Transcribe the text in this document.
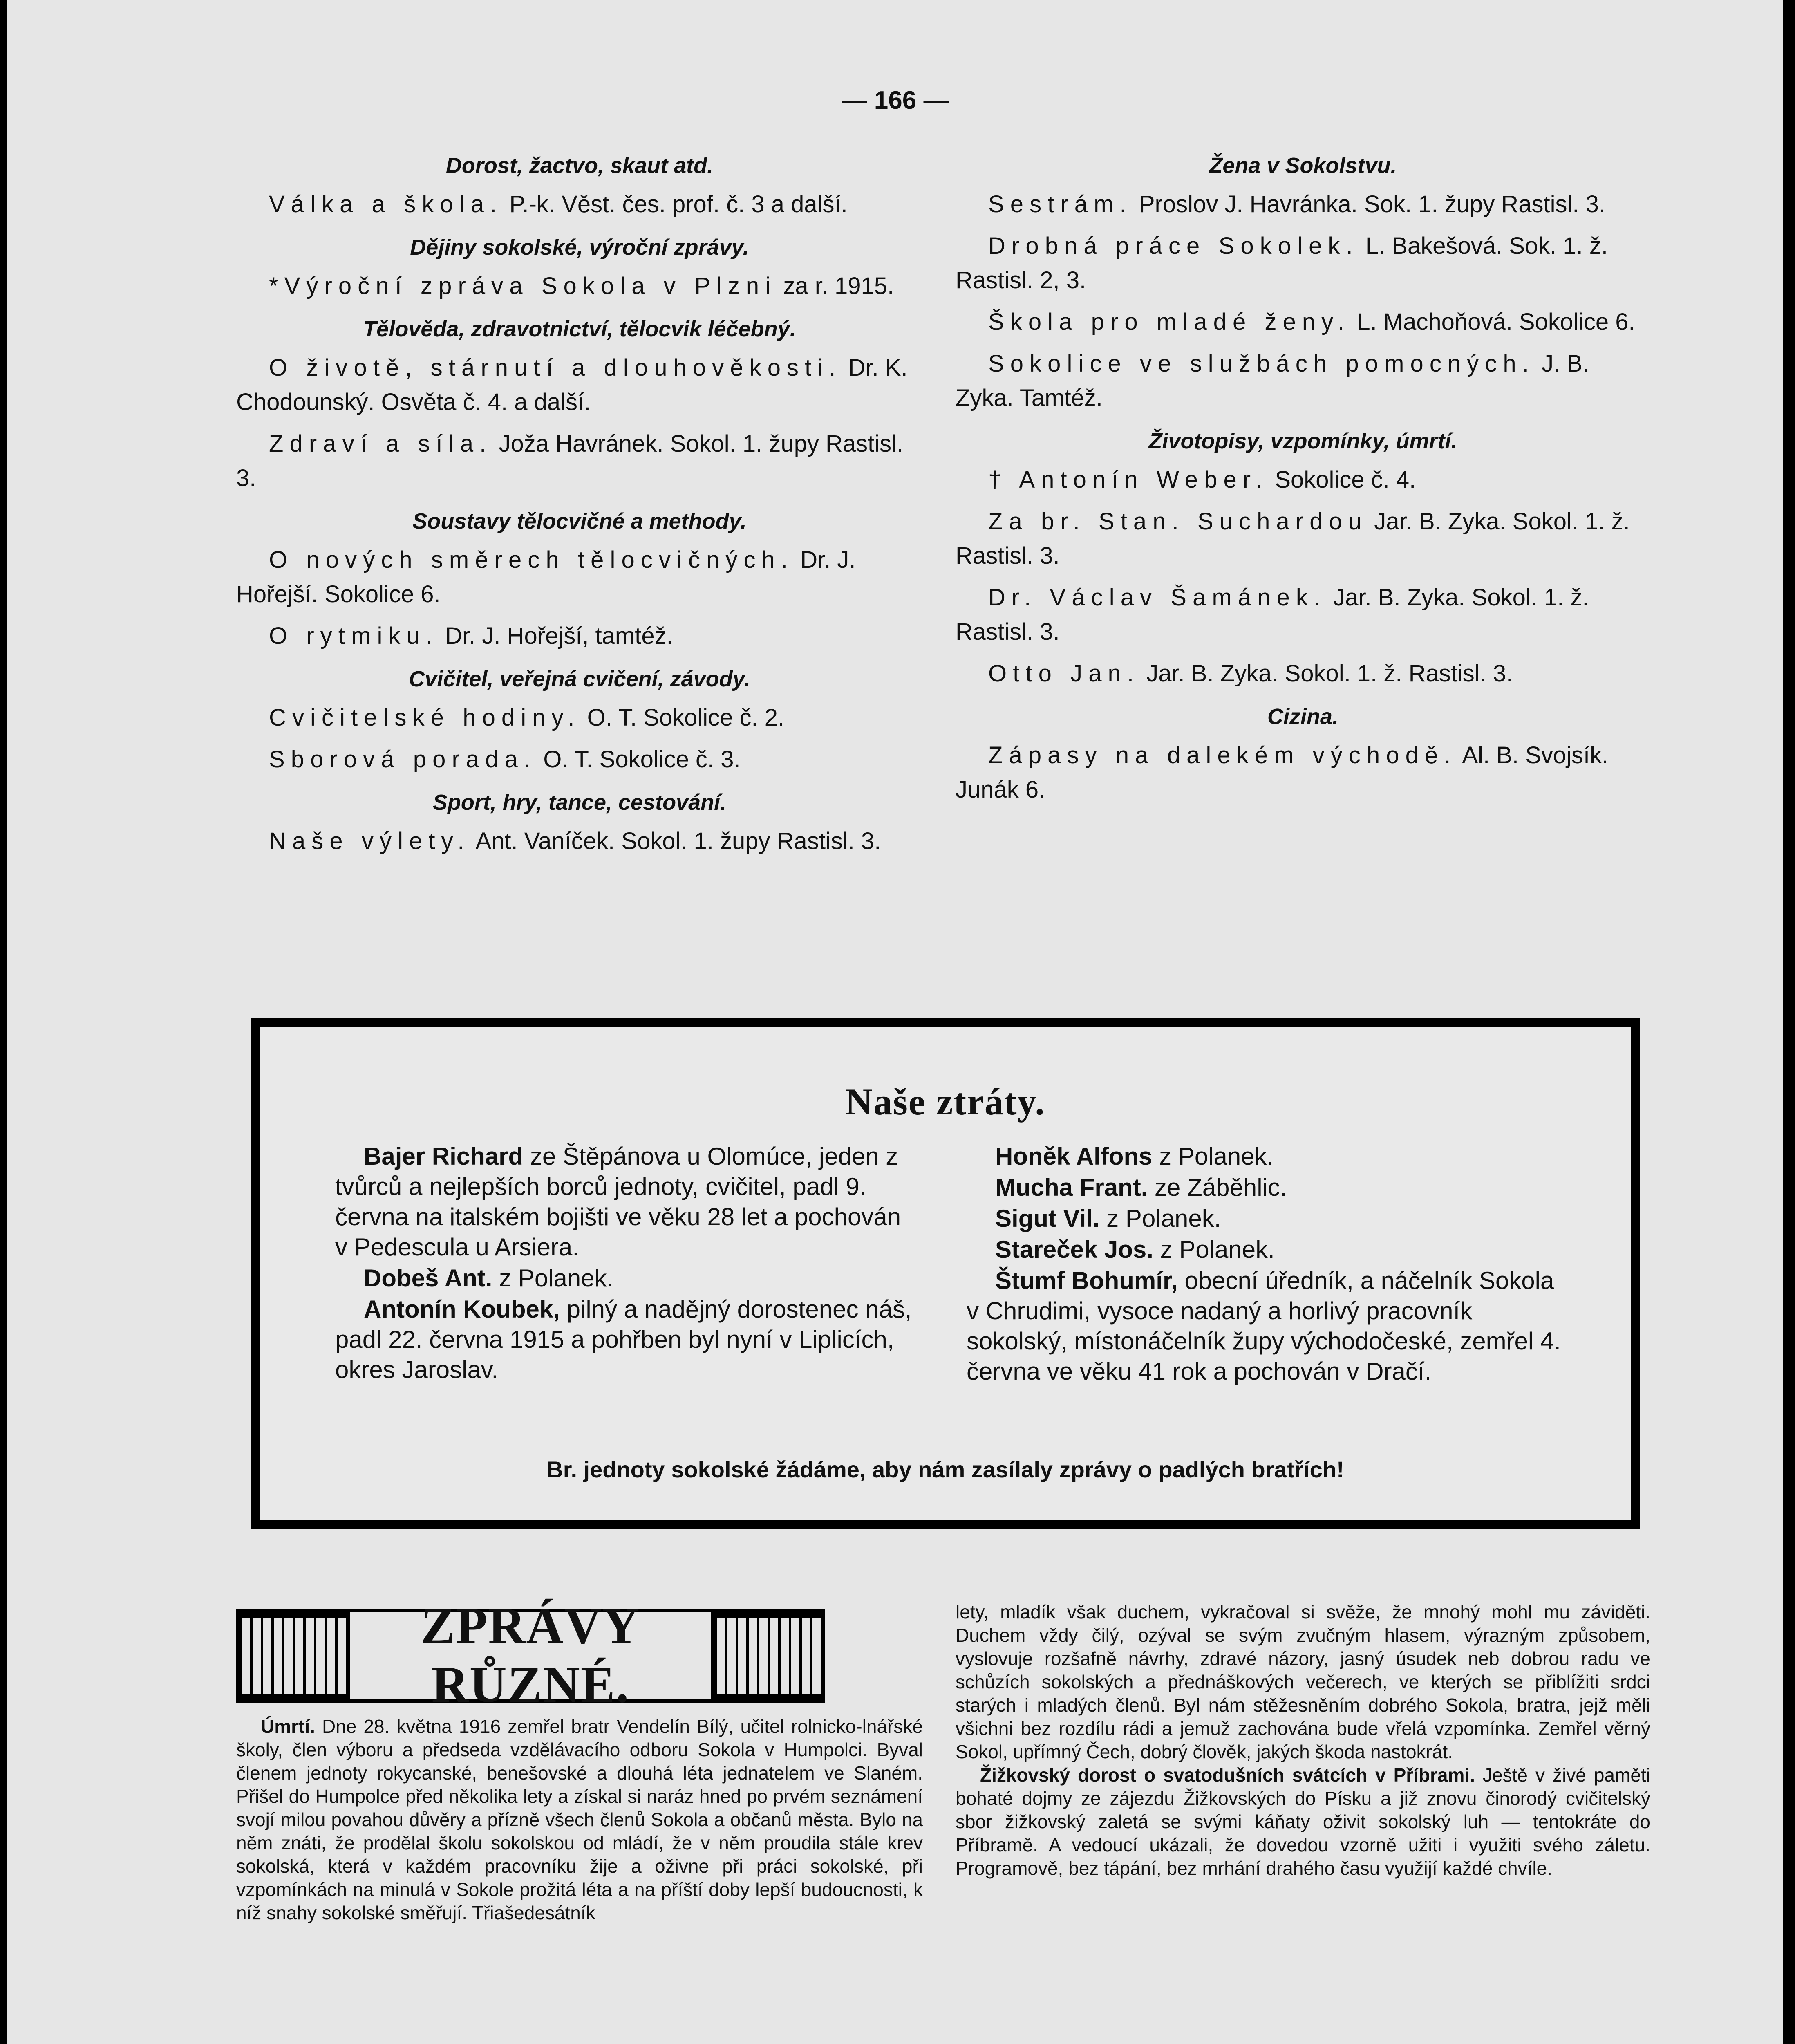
— 166 —
Dorost, žactvo, skaut atd.
Válka a škola. P.-k. Věst. čes. prof. č. 3 a další.
Dějiny sokolské, výroční zprávy.
*Výroční zpráva Sokola v Plzni za r. 1915.
Tělověda, zdravotnictví, tělocvik léčebný.
O životě, stárnutí a dlouhověkosti. Dr. K. Chodounský. Osvěta č. 4. a další.
Zdraví a síla. Joža Havránek. Sokol. 1. župy Rastisl. 3.
Soustavy tělocvičné a methody.
O nových směrech tělocvičných. Dr. J. Hořejší. Sokolice 6.
O rytmiku. Dr. J. Hořejší, tamtéž.
Cvičitel, veřejná cvičení, závody.
Cvičitelské hodiny. O. T. Sokolice č. 2.
Sborová porada. O. T. Sokolice č. 3.
Sport, hry, tance, cestování.
Naše výlety. Ant. Vaníček. Sokol. 1. župy Rastisl. 3.
Žena v Sokolstvu.
Sestrám. Proslov J. Havránka. Sok. 1. župy Rastisl. 3.
Drobná práce Sokolek. L. Bakešová. Sok. 1. ž. Rastisl. 2, 3.
Škola pro mladé ženy. L. Machoňová. Sokolice 6.
Sokolice ve službách pomocných. J. B. Zyka. Tamtéž.
Životopisy, vzpomínky, úmrtí.
† Antonín Weber. Sokolice č. 4.
Za br. Stan. Suchardou Jar. B. Zyka. Sokol. 1. ž. Rastisl. 3.
Dr. Václav Šamánek. Jar. B. Zyka. Sokol. 1. ž. Rastisl. 3.
Otto Jan. Jar. B. Zyka. Sokol. 1. ž. Rastisl. 3.
Cizina.
Zápasy na dalekém východě. Al. B. Svojsík. Junák 6.
Naše ztráty.
Bajer Richard ze Štěpánova u Olomúce, jeden z tvůrců a nejlepších borců jednoty, cvičitel, padl 9. června na italském bojišti ve věku 28 let a pochován v Pedescula u Arsiera.
Dobeš Ant. z Polanek.
Antonín Koubek, pilný a nadějný dorostenec náš, padl 22. června 1915 a pohřben byl nyní v Liplicích, okres Jaroslav.
Honěk Alfons z Polanek.
Mucha Frant. ze Záběhlic.
Sigut Vil. z Polanek.
Stareček Jos. z Polanek.
Štumf Bohumír, obecní úředník, a náčelník Sokola v Chrudimi, vysoce nadaný a horlivý pracovník sokolský, místonáčelník župy východočeské, zemřel 4. června ve věku 41 rok a pochován v Dračí.
Br. jednoty sokolské žádáme, aby nám zasílaly zprávy o padlých bratřích!
ZPRÁVY RŮZNÉ.

Úmrtí. Dne 28. května 1916 zemřel bratr Vendelín Bílý, učitel rolnicko-lnářské školy, člen výboru a předseda vzdělávacího odboru Sokola v Humpolci. Byval členem jednoty rokycanské, benešovské a dlouhá léta jednatelem ve Slaném. Přišel do Humpolce před několika lety a získal si naráz hned po prvém seznámení svojí milou povahou důvěry a přízně všech členů Sokola a občanů města. Bylo na něm znáti, že prodělal školu sokolskou od mládí, že v něm proudila stále krev sokolská, která v každém pracovníku žije a oživne při práci sokolské, při vzpomínkách na minulá v Sokole prožitá léta a na příští doby lepší budoucnosti, k níž snahy sokolské směřují. Třiašedesátník

lety, mladík však duchem, vykračoval si svěže, že mnohý mohl mu záviděti. Duchem vždy čilý, ozýval se svým zvučným hlasem, výrazným způsobem, vyslovuje rozšafně návrhy, zdravé názory, jasný úsudek neb dobrou radu ve schůzích sokolských a přednáškových večerech, ve kterých se přiblížiti srdci starých i mladých členů. Byl nám stěžesněním dobrého Sokola, bratra, jejž měli všichni bez rozdílu rádi a jemuž zachována bude vřelá vzpomínka. Zemřel věrný Sokol, upřímný Čech, dobrý člověk, jakých škoda nastokrát.

Žižkovský dorost o svatodušních svátcích v Příbrami. Ještě v živé paměti bohaté dojmy ze zájezdu Žižkovských do Písku a již znovu činorodý cvičitelský sbor žižkovský zaletá se svými káňaty oživit sokolský luh — tentokráte do Příbramě. A vedoucí ukázali, že dovedou vzorně užiti i využiti svého záletu. Programově, bez tápání, bez mrhání drahého času využijí každé chvíle.
